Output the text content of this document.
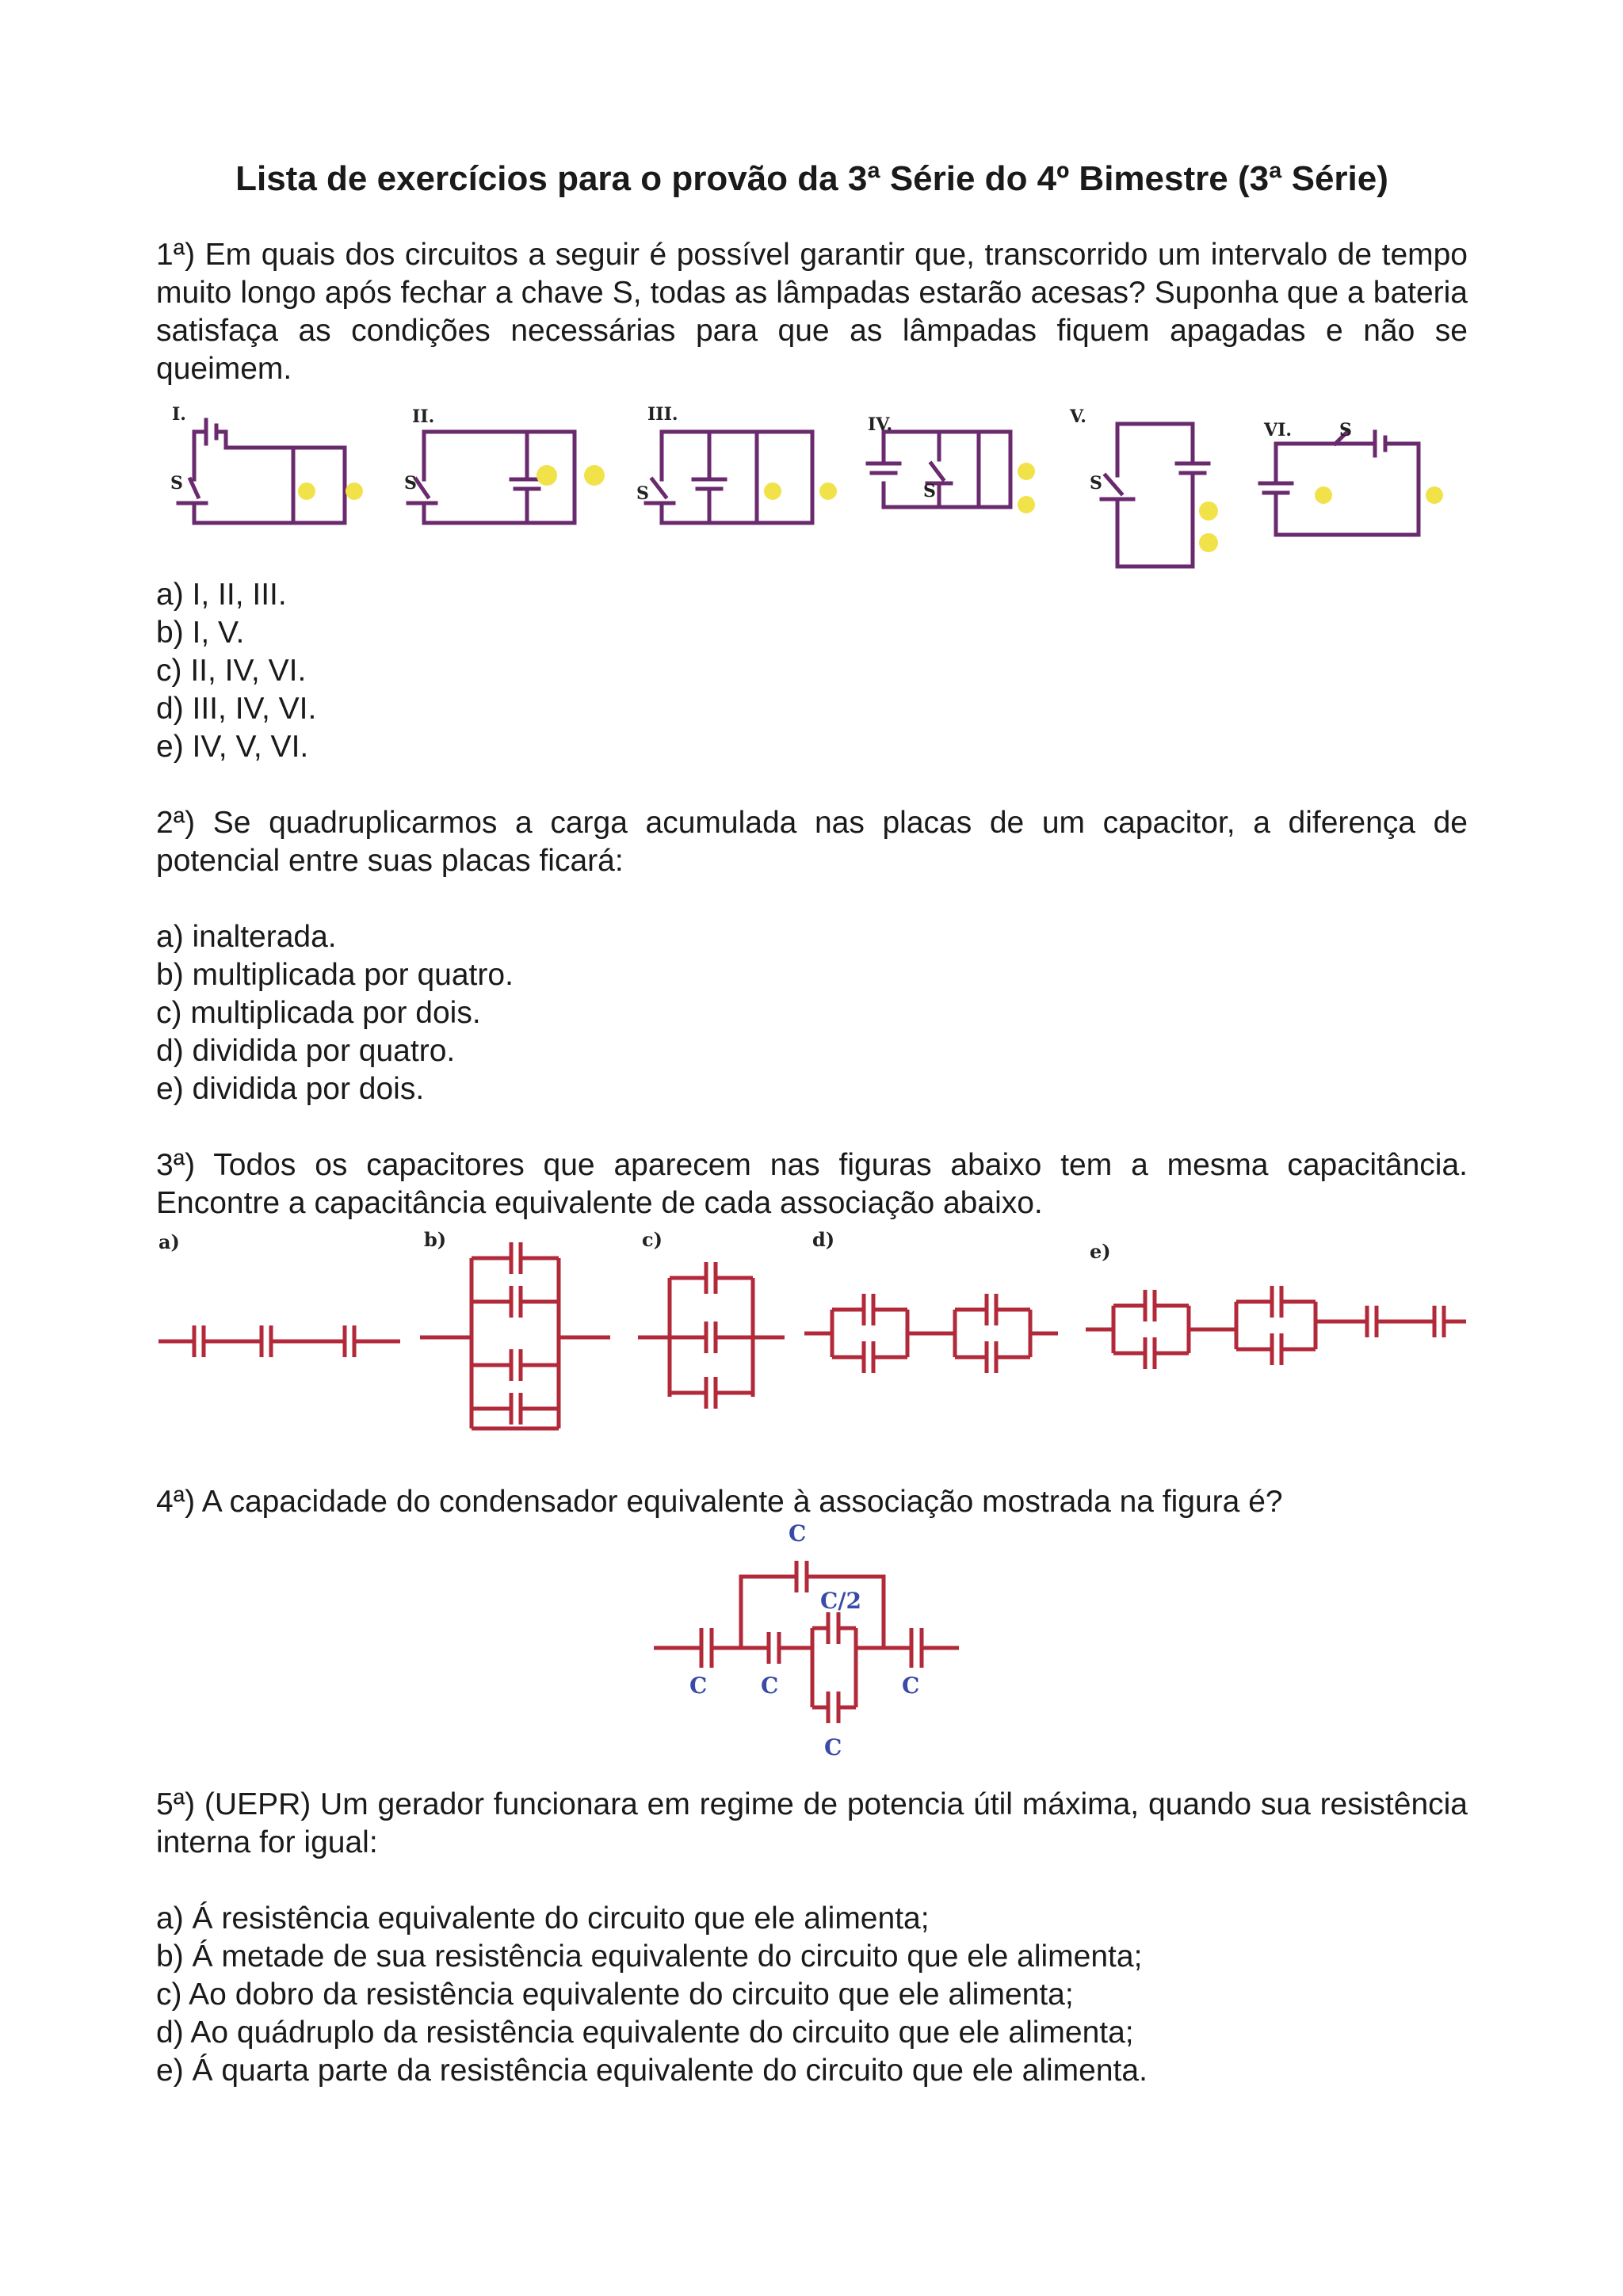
Lista de exercícios para o provão da 3ª Série do 4º Bimestre (3ª Série)

1ª) Em quais dos circuitos a seguir é possível garantir que, transcorrido um intervalo de tempo muito longo após fechar a chave S, todas as lâmpadas estarão acesas? Suponha que a bateria satisfaça as condições necessárias para que as lâmpadas fiquem apagadas e não se queimem.

I.	II.	III.	IV.	V.
VI.
S	S	S	S	S
S
a) I, II, III.
b) I, V.
c) II, IV, VI.
d) III, IV, VI.
e) IV, V, VI.

2ª) Se quadruplicarmos a carga acumulada nas placas de um capacitor, a diferença de potencial entre suas placas ficará:

a) inalterada.
b) multiplicada por quatro.
c) multiplicada por dois.
d) dividida por quatro.
e) dividida por dois.

3ª) Todos os capacitores que aparecem nas figuras abaixo tem a mesma capacitância. Encontre a capacitância equivalente de cada associação abaixo.

a)	b)	c)	d)
e)

4ª) A capacidade do condensador equivalente à associação mostrada na figura é?

C
C/2
C C	C
C

5ª) (UEPR) Um gerador funcionara em regime de potencia útil máxima, quando sua resistência interna for igual:

a) Á resistência equivalente do circuito que ele alimenta;
b) Á metade de sua resistência equivalente do circuito que ele alimenta;
c) Ao dobro da resistência equivalente do circuito que ele alimenta;
d) Ao quádruplo da resistência equivalente do circuito que ele alimenta;
e) Á quarta parte da resistência equivalente do circuito que ele alimenta.
